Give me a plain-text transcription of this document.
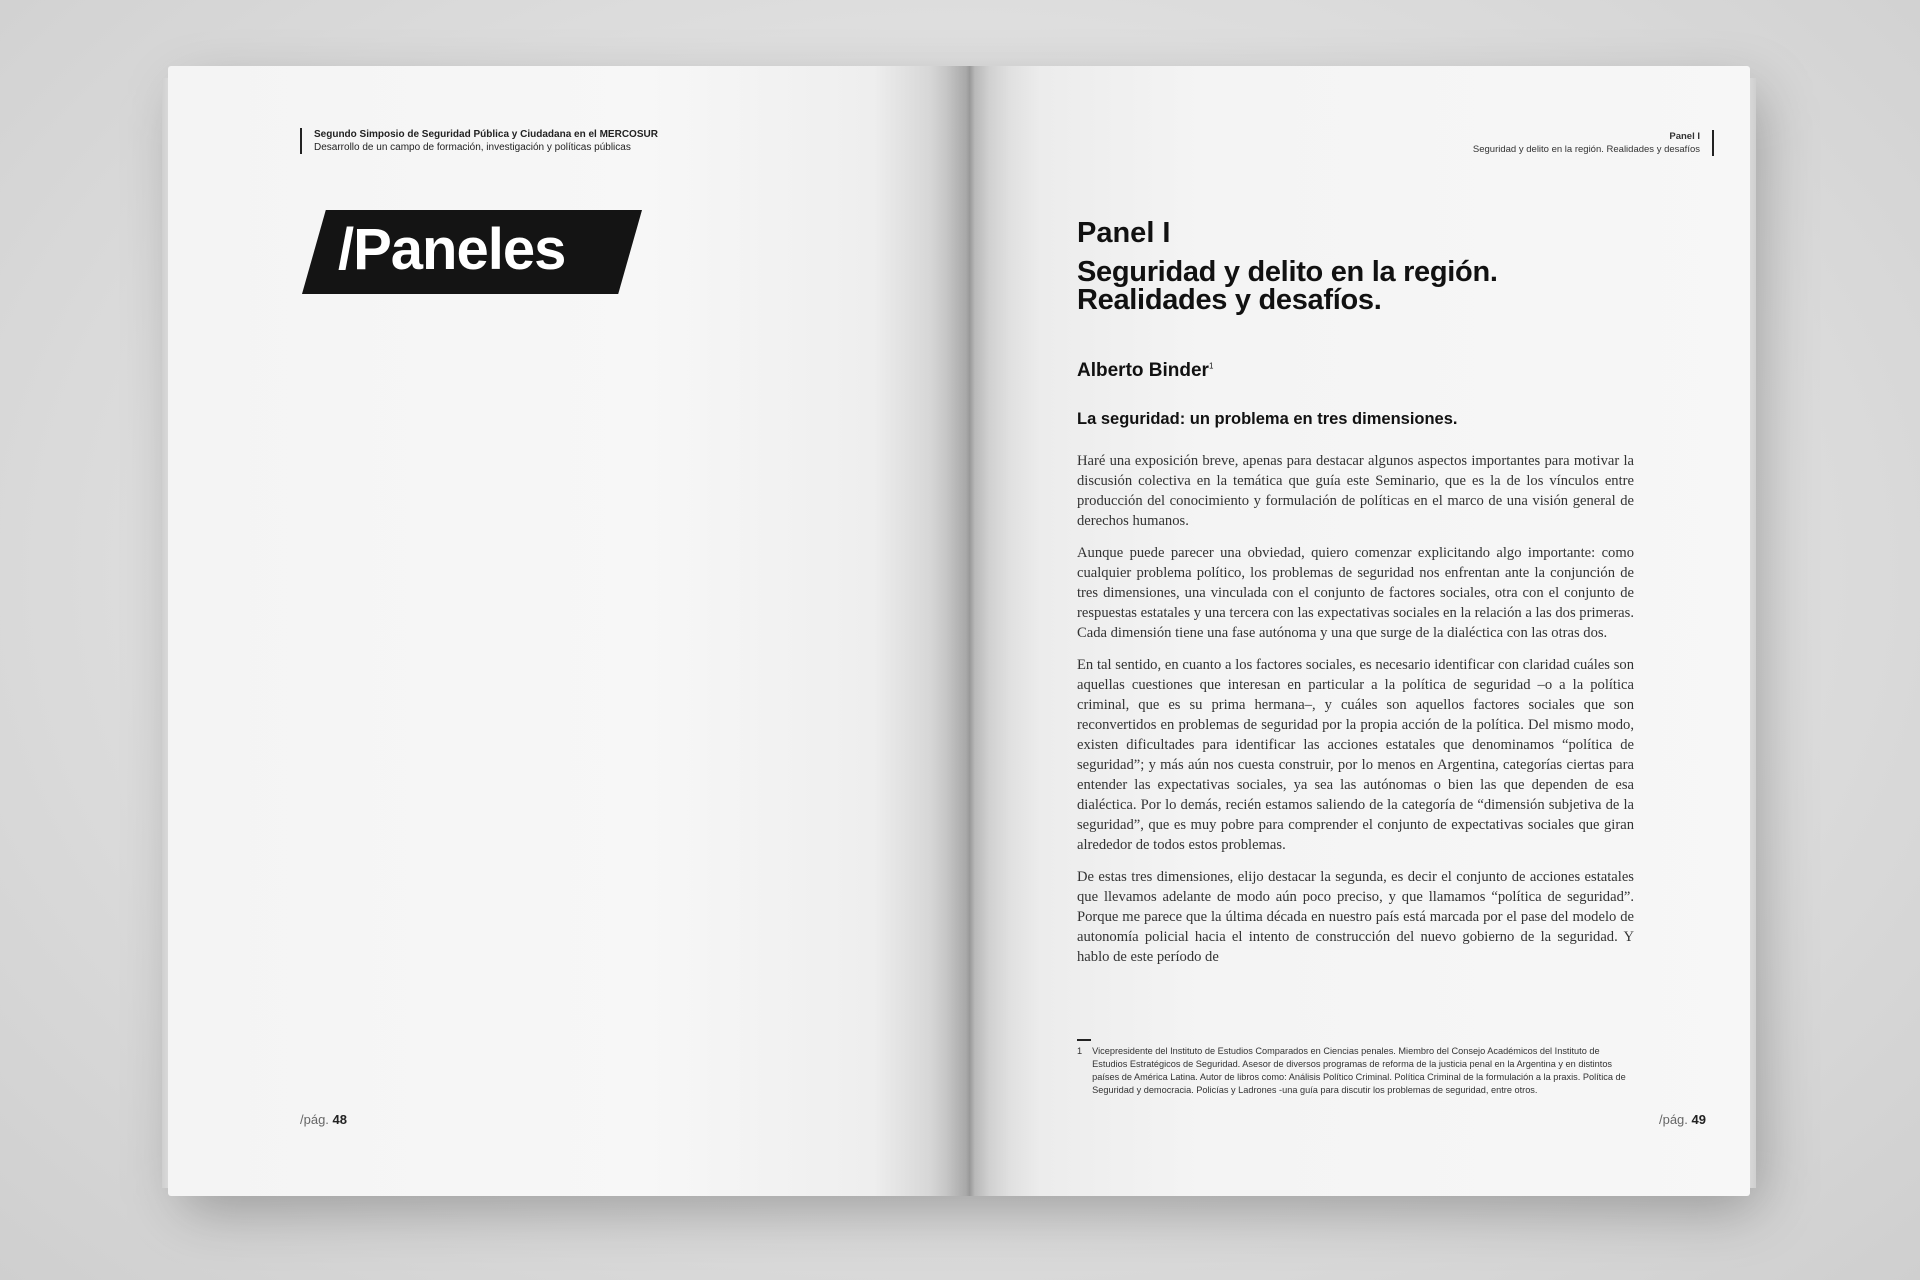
Segundo Simposio de Seguridad Pública y Ciudadana en el MERCOSUR
Desarrollo de un campo de formación, investigación y políticas públicas
/Paneles
/pág. 48
Panel I
Seguridad y delito en la región. Realidades y desafíos
Panel I
Seguridad y delito en la región.
Realidades y desafíos.
Alberto Binder$^1$
La seguridad: un problema en tres dimensiones.

Haré una exposición breve, apenas para destacar algunos aspectos importantes para motivar la discusión colectiva en la temática que guía este Seminario, que es la de los vínculos entre producción del conocimiento y formulación de políticas en el marco de una visión general de derechos humanos.

Aunque puede parecer una obviedad, quiero comenzar explicitando algo importante: como cualquier problema político, los problemas de seguridad nos enfrentan ante la conjunción de tres dimensiones, una vinculada con el conjunto de factores sociales, otra con el conjunto de respuestas estatales y una tercera con las expectativas sociales en la relación a las dos primeras. Cada dimensión tiene una fase autónoma y una que surge de la dialéctica con las otras dos.

En tal sentido, en cuanto a los factores sociales, es necesario identificar con claridad cuáles son aquellas cuestiones que interesan en particular a la política de seguridad –o a la política criminal, que es su prima hermana–, y cuáles son aquellos factores sociales que son reconvertidos en problemas de seguridad por la propia acción de la política. Del mismo modo, existen dificultades para identificar las acciones estatales que denominamos “política de seguridad”; y más aún nos cuesta construir, por lo menos en Argentina, categorías ciertas para entender las expectativas sociales, ya sea las autónomas o bien las que dependen de esa dialéctica. Por lo demás, recién estamos saliendo de la categoría de “dimensión subjetiva de la seguridad”, que es muy pobre para comprender el conjunto de expectativas sociales que giran alrededor de todos estos problemas.

De estas tres dimensiones, elijo destacar la segunda, es decir el conjunto de acciones estatales que llevamos adelante de modo aún poco preciso, y que llamamos “política de seguridad”. Porque me parece que la última década en nuestro país está marcada por el pase del modelo de autonomía policial hacia el intento de construcción del nuevo gobierno de la seguridad. Y hablo de este período de

1 Vicepresidente del Instituto de Estudios Comparados en Ciencias penales. Miembro del Consejo Académicos del Instituto de Estudios Estratégicos de Seguridad. Asesor de diversos programas de reforma de la justicia penal en la Argentina y en distintos países de América Latina. Autor de libros como: Análisis Político Criminal. Política Criminal de la formulación a la praxis. Política de Seguridad y democracia. Policías y Ladrones -una guía para discutir los problemas de seguridad, entre otros.
/pág. 49
